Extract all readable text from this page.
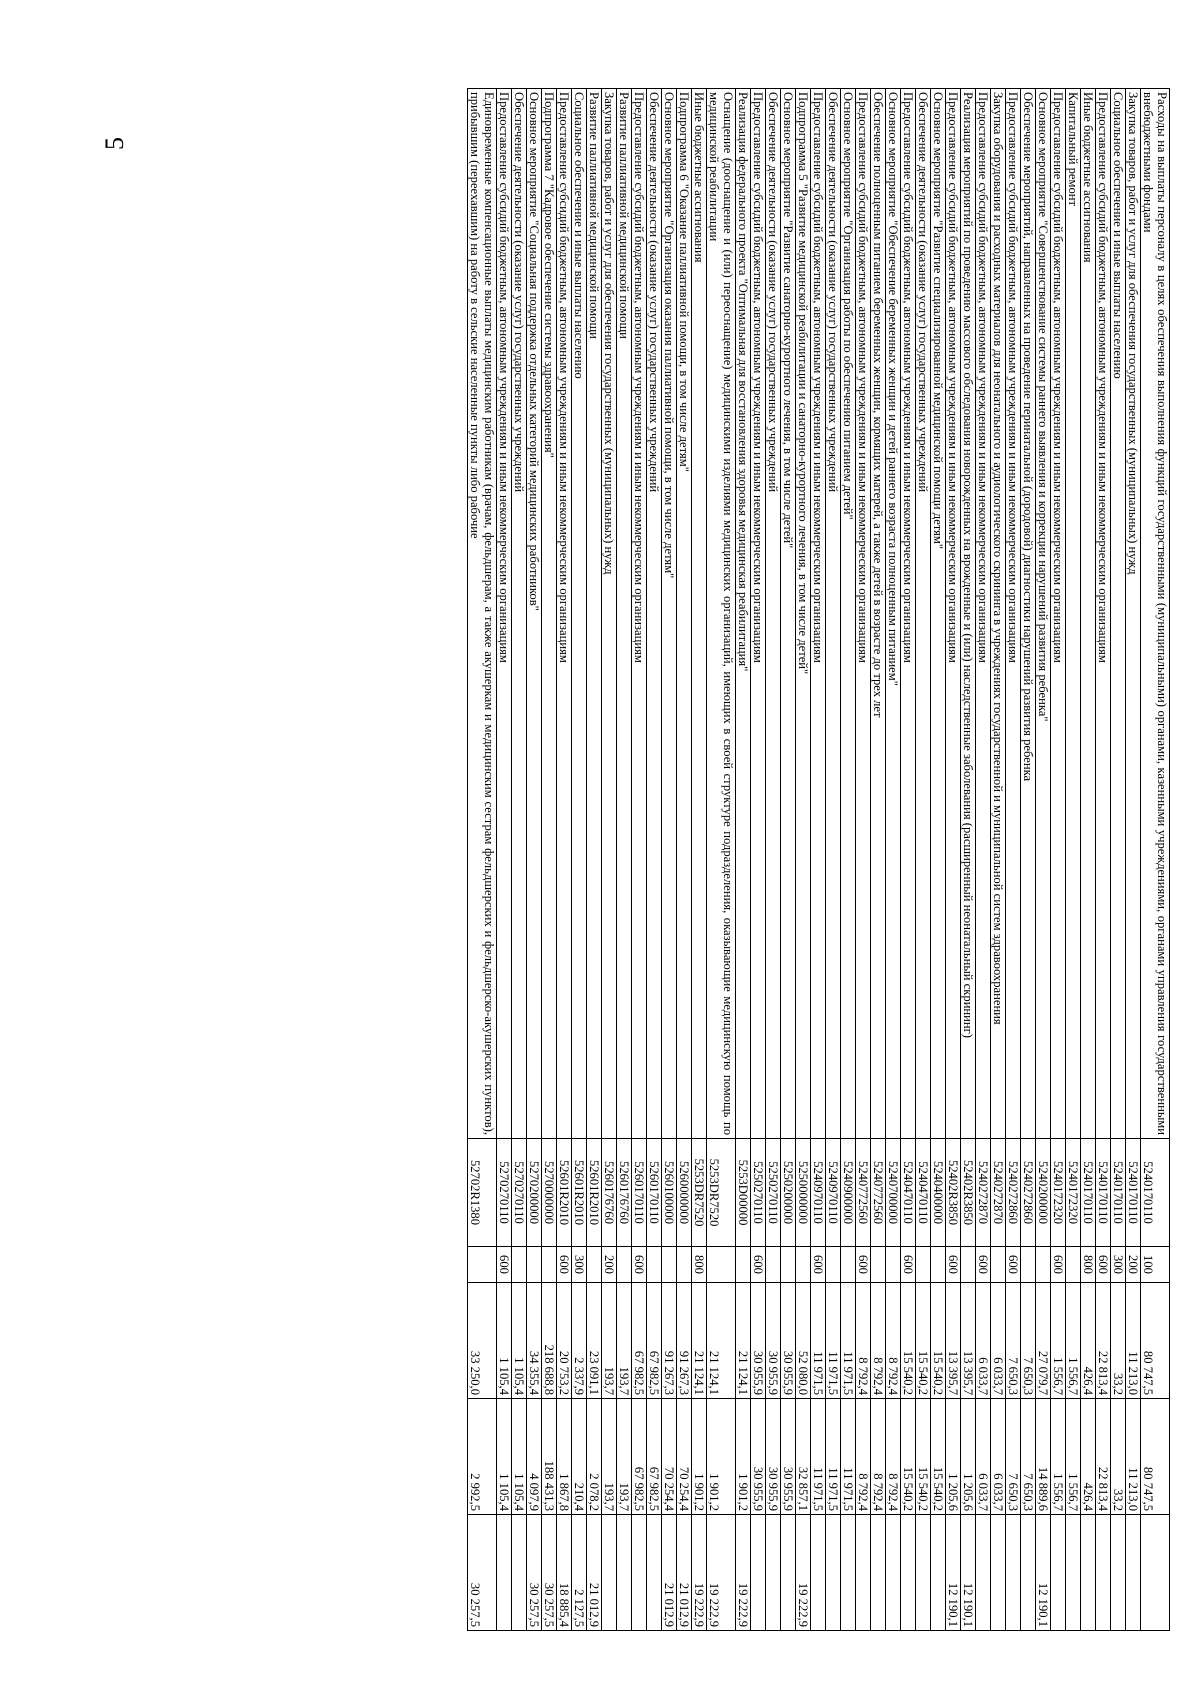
5	Расходы на выплаты персоналу в целях обеспечения выполнения функций государственными (муниципальными) органами, казенными учреждениями, органами управления государственными внебюджетными фондами	5240170110	100	80 747,5	80 747,5	
Закупка товаров, работ и услуг для обеспечения государственных (муниципальных) нужд	5240170110	200	11 213,0	11 213,0	
Социальное обеспечение и иные выплаты населению	5240170110	300	33,2	33,2	
Предоставление субсидий бюджетным, автономным учреждениям и иным некоммерческим организациям	5240170110	600	22 813,4	22 813,4	
Иные бюджетные ассигнования	5240170110	800	426,4	426,4	
Капитальный ремонт	5240172320		1 556,7	1 556,7	
Предоставление субсидий бюджетным, автономным учреждениям и иным некоммерческим организациям	5240172320	600	1 556,7	1 556,7	
Основное мероприятие "Совершенствование системы раннего выявления и коррекции нарушений развития ребенка"	5240200000		27 079,7	14 889,6	12 190,1
Обеспечение мероприятий, направленных на проведение перинатальной (дородовой) диагностики нарушений развития ребенка	5240272860		7 650,3	7 650,3	
Предоставление субсидий бюджетным, автономным учреждениям и иным некоммерческим организациям	5240272860	600	7 650,3	7 650,3	
Закупка оборудования и расходных материалов для неонатального и аудиологического скрининга в учреждениях государственной и муниципальной систем здравоохранения	5240272870		6 033,7	6 033,7	
Предоставление субсидий бюджетным, автономным учреждениям и иным некоммерческим организациям	5240272870	600	6 033,7	6 033,7	
Реализация мероприятий по проведению массового обследования новорожденных на врожденные и (или) наследственные заболевания (расширенный неонатальный скрининг)	52402R3850		13 395,7	1 205,6	12 190,1
Предоставление субсидий бюджетным, автономным учреждениям и иным некоммерческим организациям	52402R3850	600	13 395,7	1 205,6	12 190,1
Основное мероприятие "Развитие специализированной медицинской помощи детям"	5240400000		15 540,2	15 540,2	
Обеспечение деятельности (оказание услуг) государственных учреждений	5240470110		15 540,2	15 540,2	
Предоставление субсидий бюджетным, автономным учреждениям и иным некоммерческим организациям	5240470110	600	15 540,2	15 540,2	
Основное мероприятие "Обеспечение беременных женщин и детей раннего возраста полноценным питанием"	5240700000		8 792,4	8 792,4	
Обеспечение полноценным питанием беременных женщин, кормящих матерей, а также детей в возрасте до трех лет	5240772560		8 792,4	8 792,4	
Предоставление субсидий бюджетным, автономным учреждениям и иным некоммерческим организациям	5240772560	600	8 792,4	8 792,4	
Основное мероприятие "Организация работы по обеспечению питанием детей"	5240900000		11 971,5	11 971,5	
Обеспечение деятельности (оказание услуг) государственных учреждений	5240970110		11 971,5	11 971,5	
Предоставление субсидий бюджетным, автономным учреждениям и иным некоммерческим организациям	5240970110	600	11 971,5	11 971,5	
Подпрограмма 5 "Развитие медицинской реабилитации и санаторно-курортного лечения, в том числе детей"	5250000000		52 080,0	32 857,1	19 222,9
Основное мероприятие "Развитие санаторно-курортного лечения, в том числе детей"	5250200000		30 955,9	30 955,9	
Обеспечение деятельности (оказание услуг) государственных учреждений	5250270110		30 955,9	30 955,9	
Предоставление субсидий бюджетным, автономным учреждениям и иным некоммерческим организациям	5250270110	600	30 955,9	30 955,9	
Реализация федерального проекта "Оптимальная для восстановления здоровья медицинская реабилитация"	5253D00000		21 124,1	1 901,2	19 222,9
Оснащение (дооснащение и (или) переоснащение) медицинскими изделиями медицинских организаций, имеющих в своей структуре подразделения, оказывающие медицинскую помощь по медицинской реабилитации	5253DR7520		21 124,1	1 901,2	19 222,9
Иные бюджетные ассигнования	5253DR7520	800	21 124,1	1 901,2	19 222,9
Подпрограмма 6 "Оказание паллиативной помощи, в том числе детям"	5260000000		91 267,3	70 254,4	21 012,9
Основное мероприятие "Организация оказания паллиативной помощи, в том числе детям"	5260100000		91 267,3	70 254,4	21 012,9
Обеспечение деятельности (оказание услуг) государственных учреждений	5260170110		67 982,5	67 982,5	
Предоставление субсидий бюджетным, автономным учреждениям и иным некоммерческим организациям	5260170110	600	67 982,5	67 982,5	
Развитие паллиативной медицинской помощи	5260176760		193,7	193,7	
Закупка товаров, работ и услуг для обеспечения государственных (муниципальных) нужд	5260176760	200	193,7	193,7	
Развитие паллиативной медицинской помощи	52601R2010		23 091,1	2 078,2	21 012,9
Социальное обеспечение и иные выплаты населению	52601R2010	300	2 337,9	210,4	2 127,5
Предоставление субсидий бюджетным, автономным учреждениям и иным некоммерческим организациям	52601R2010	600	20 753,2	1 867,8	18 885,4
Подпрограмма 7 "Кадровое обеспечение системы здравоохранения"	5270000000		218 688,8	188 431,3	30 257,5
Основное мероприятие "Социальная поддержка отдельных категорий медицинских работников"	5270200000		34 355,4	4 097,9	30 257,5
Обеспечение деятельности (оказание услуг) государственных учреждений	5270270110		1 105,4	1 105,4	
Предоставление субсидий бюджетным, автономным учреждениям и иным некоммерческим организациям	5270270110	600	1 105,4	1 105,4	
Единовременные компенсационные выплаты медицинским работникам (врачам, фельдшерам, а также акушеркам и медицинским сестрам фельдшерских и фельдшерско-акушерских пунктов), прибывшим (переехавшим) на работу в сельские населенные пункты либо рабочие	52702R1380		33 250,0	2 992,5	30 257,5
